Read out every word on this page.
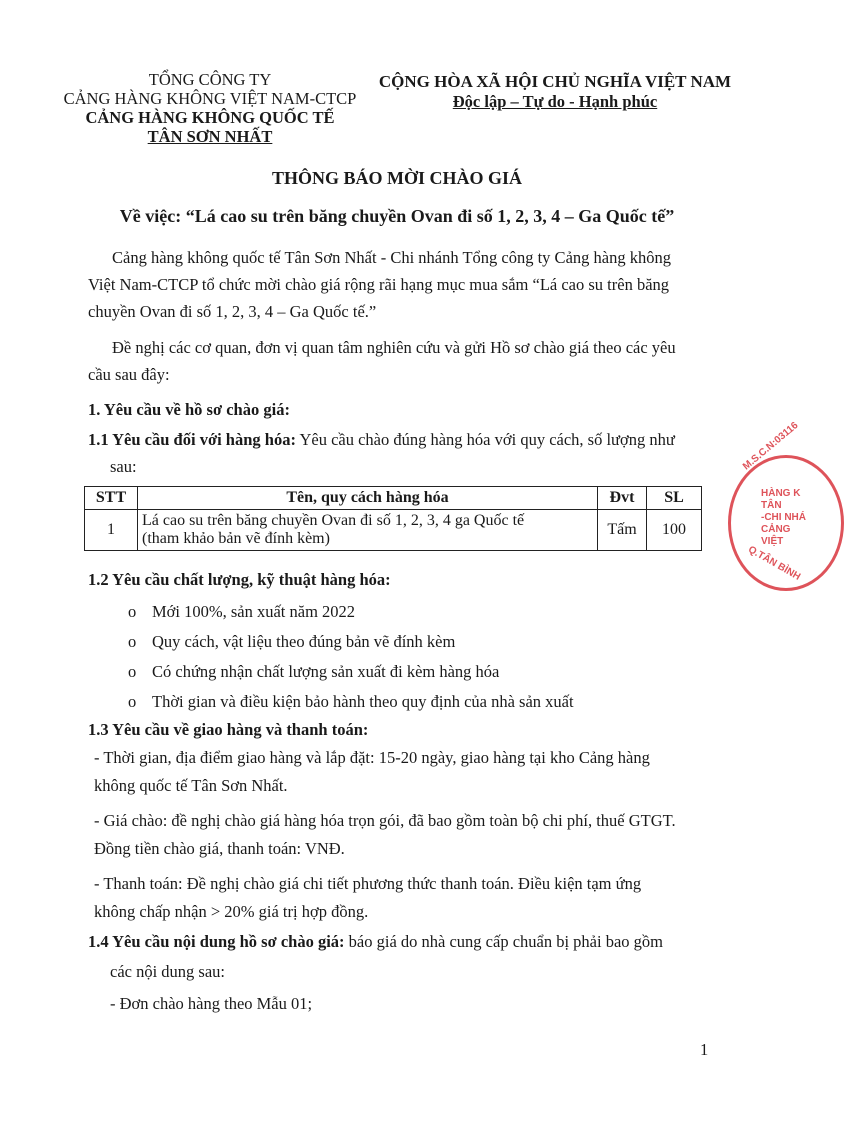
TỔNG CÔNG TY
CẢNG HÀNG KHÔNG VIỆT NAM-CTCP
CẢNG HÀNG KHÔNG QUỐC TẾ
TÂN SƠN NHẤT
CỘNG HÒA XÃ HỘI CHỦ NGHĨA VIỆT NAM
Độc lập – Tự do - Hạnh phúc
THÔNG BÁO MỜI CHÀO GIÁ
Về việc: “Lá cao su trên băng chuyền Ovan đi số 1, 2, 3, 4 – Ga Quốc tế”
Cảng hàng không quốc tế Tân Sơn Nhất - Chi nhánh Tổng công ty Cảng hàng không
Việt Nam-CTCP tổ chức mời chào giá rộng rãi hạng mục mua sắm “Lá cao su trên băng
chuyền Ovan đi số 1, 2, 3, 4 – Ga Quốc tế.”
Đề nghị các cơ quan, đơn vị quan tâm nghiên cứu và gửi Hồ sơ chào giá theo các yêu
cầu sau đây:
1. Yêu cầu về hồ sơ chào giá:
1.1 Yêu cầu đối với hàng hóa: Yêu cầu chào đúng hàng hóa với quy cách, số lượng như
sau:
STT	Tên, quy cách hàng hóa	Đvt	SL
1	Lá cao su trên băng chuyền Ovan đi số 1, 2, 3, 4 ga Quốc tế
(tham khảo bản vẽ đính kèm)	Tấm	100
1.2 Yêu cầu chất lượng, kỹ thuật hàng hóa:
o Mới 100%, sản xuất năm 2022
o Quy cách, vật liệu theo đúng bản vẽ đính kèm
o Có chứng nhận chất lượng sản xuất đi kèm hàng hóa
o Thời gian và điều kiện bảo hành theo quy định của nhà sản xuất
1.3 Yêu cầu về giao hàng và thanh toán:
- Thời gian, địa điểm giao hàng và lắp đặt: 15-20 ngày, giao hàng tại kho Cảng hàng
không quốc tế Tân Sơn Nhất.
- Giá chào: đề nghị chào giá hàng hóa trọn gói, đã bao gồm toàn bộ chi phí, thuế GTGT.
Đồng tiền chào giá, thanh toán: VNĐ.
- Thanh toán: Đề nghị chào giá chi tiết phương thức thanh toán. Điều kiện tạm ứng
không chấp nhận > 20% giá trị hợp đồng.
1.4 Yêu cầu nội dung hồ sơ chào giá: báo giá do nhà cung cấp chuẩn bị phải bao gồm
các nội dung sau:
- Đơn chào hàng theo Mẫu 01;
M.S.C.N:03116
HÀNG K
TÂN
-CHI NHÁ
CẢNG
VIỆT
Q.TÂN BÌNH
1
